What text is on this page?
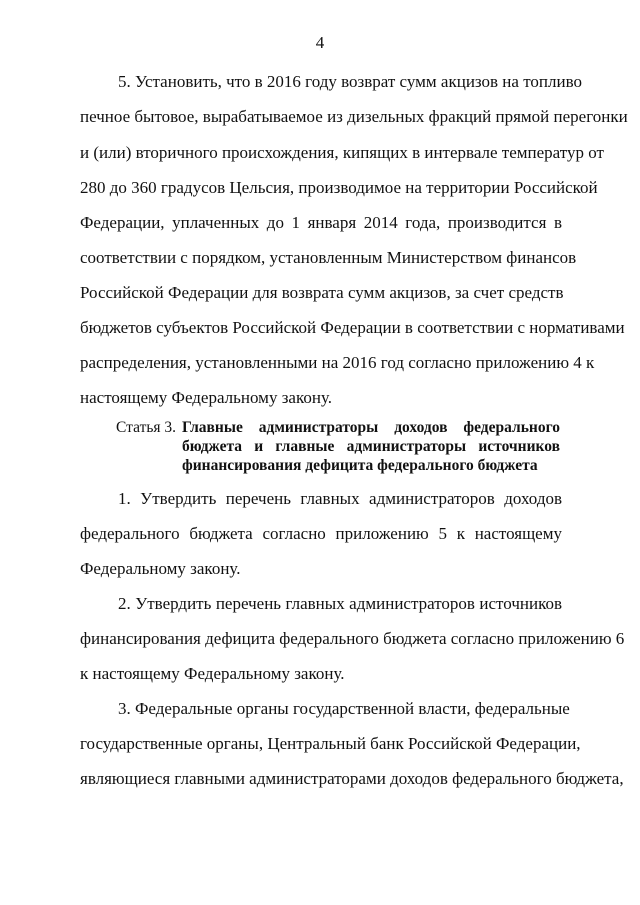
4
5. Установить, что в 2016 году возврат сумм акцизов на топливо
печное бытовое, вырабатываемое из дизельных фракций прямой перегонки
и (или) вторичного происхождения, кипящих в интервале температур от
280 до 360 градусов Цельсия, производимое на территории Российской
Федерации, уплаченных до 1 января 2014 года, производится в
соответствии с порядком, установленным Министерством финансов
Российской Федерации для возврата сумм акцизов, за счет средств
бюджетов субъектов Российской Федерации в соответствии с нормативами
распределения, установленными на 2016 год согласно приложению 4 к
настоящему Федеральному закону.
Статья 3. Главные администраторы доходов федерального
бюджета и главные администраторы источников
финансирования дефицита федерального бюджета
1. Утвердить перечень главных администраторов доходов
федерального бюджета согласно приложению 5 к настоящему
Федеральному закону.
2. Утвердить перечень главных администраторов источников
финансирования дефицита федерального бюджета согласно приложению 6
к настоящему Федеральному закону.
3. Федеральные органы государственной власти, федеральные
государственные органы, Центральный банк Российской Федерации,
являющиеся главными администраторами доходов федерального бюджета,
